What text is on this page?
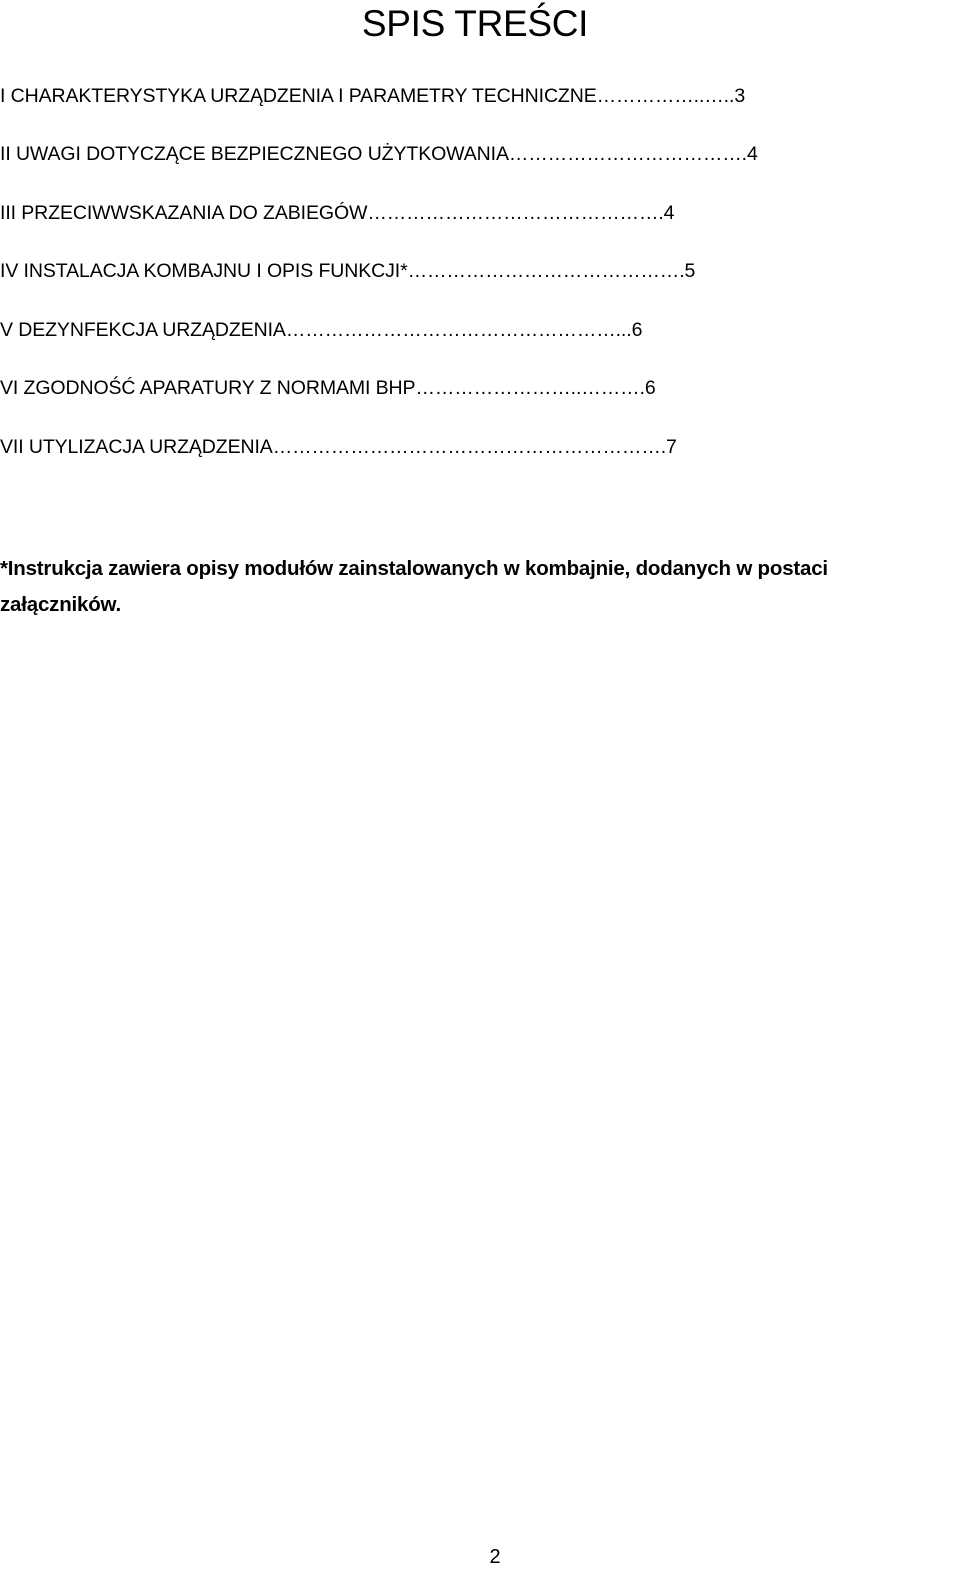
SPIS TREŚCI
I CHARAKTERYSTYKA URZĄDZENIA I PARAMETRY TECHNICZNE……………..…..3
II UWAGI DOTYCZĄCE BEZPIECZNEGO UŻYTKOWANIA……………………………….4
III PRZECIWWSKAZANIA DO ZABIEGÓW……………………………………….4
IV INSTALACJA KOMBAJNU I OPIS FUNKCJI*…………………………………….5
V DEZYNFEKCJA URZĄDZENIA……………………………………………...6
VI ZGODNOŚĆ APARATURY Z NORMAMI BHP……………………..……….6
VII UTYLIZACJA URZĄDZENIA…………………………………………………….7

*Instrukcja zawiera opisy modułów zainstalowanych w kombajnie, dodanych w postaci załączników.

2
